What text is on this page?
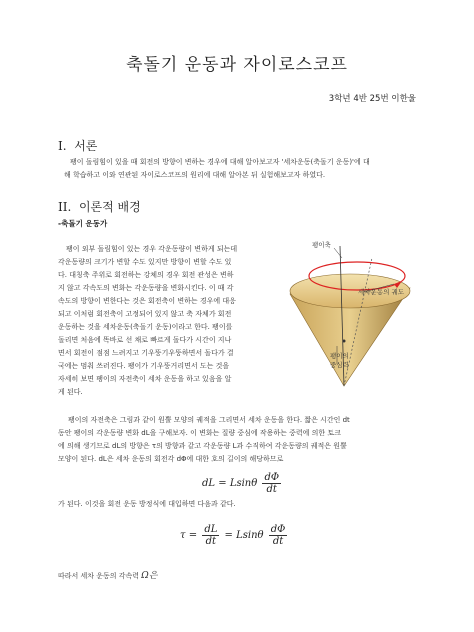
축돌기 운동과 자이로스코프
3학년 4반 25번 이한울
I. 서론
팽이 돌림힘이 있을 때 회전의 방향이 변하는 경우에 대해 알아보고자 '세차운동(축돌기 운동)'에 대
해 학습하고 이와 연관된 자이로스코프의 원리에 대해 알아본 뒤 실험해보고자 하였다.
II. 이론적 배경
-축돌기 운동가
팽이 외부 돌림힘이 있는 경우 각운동량이 변하게 되는데
각운동량의 크기가 변할 수도 있지만 방향이 변할 수도 있
다. 대칭축 주위로 회전하는 강체의 경우 회전 관성은 변하
지 않고 각속도의 변화는 각운동량을 변화시킨다. 이 때 각
속도의 방향이 변한다는 것은 회전축이 변하는 경우에 대응
되고 이처럼 회전축이 고정되어 있지 않고 축 자체가 회전
운동하는 것을 세차운동(축돌기 운동)이라고 한다. 팽이를
돌리면 처음에 똑바로 선 채로 빠르게 돌다가 시간이 지나
면서 회전이 점점 느려지고 기우뚱기우뚱하면서 돌다가 결
국에는 멈춰 쓰러진다. 팽이가 기우뚱거리면서 도는 것을
자세히 보면 팽이의 자전축이 세차 운동을 하고 있음을 알
게 된다.
팽이축
세차운동의 궤도
팽이의
중심력
팽이의 자전축은 그림과 같이 원뿔 모양의 궤적을 그리면서 세차 운동을 한다. 짧은 시간인 dt
동안 팽이의 각운동량 변화 dL을 구해보자. 이 변화는 질량 중심에 작용하는 중력에 의한 토크
에 의해 생기므로 dL의 방향은 τ의 방향과 같고 각운동량 L과 수직하여 각운동량의 궤적은 원뿔
모양이 된다. dL은 세차 운동의 회전각 dΦ에 대한 호의 길이의 해당하므로
dL = Lsinθ $\frac{d\Phi}{dt}$
가 된다. 이것을 회전 운동 방정식에 대입하면 다음과 같다.
$\tau = \frac{dL}{dt} = Lsin\theta \frac{d\Phi}{dt}$
따라서 세차 운동의 각속력 Ω은
